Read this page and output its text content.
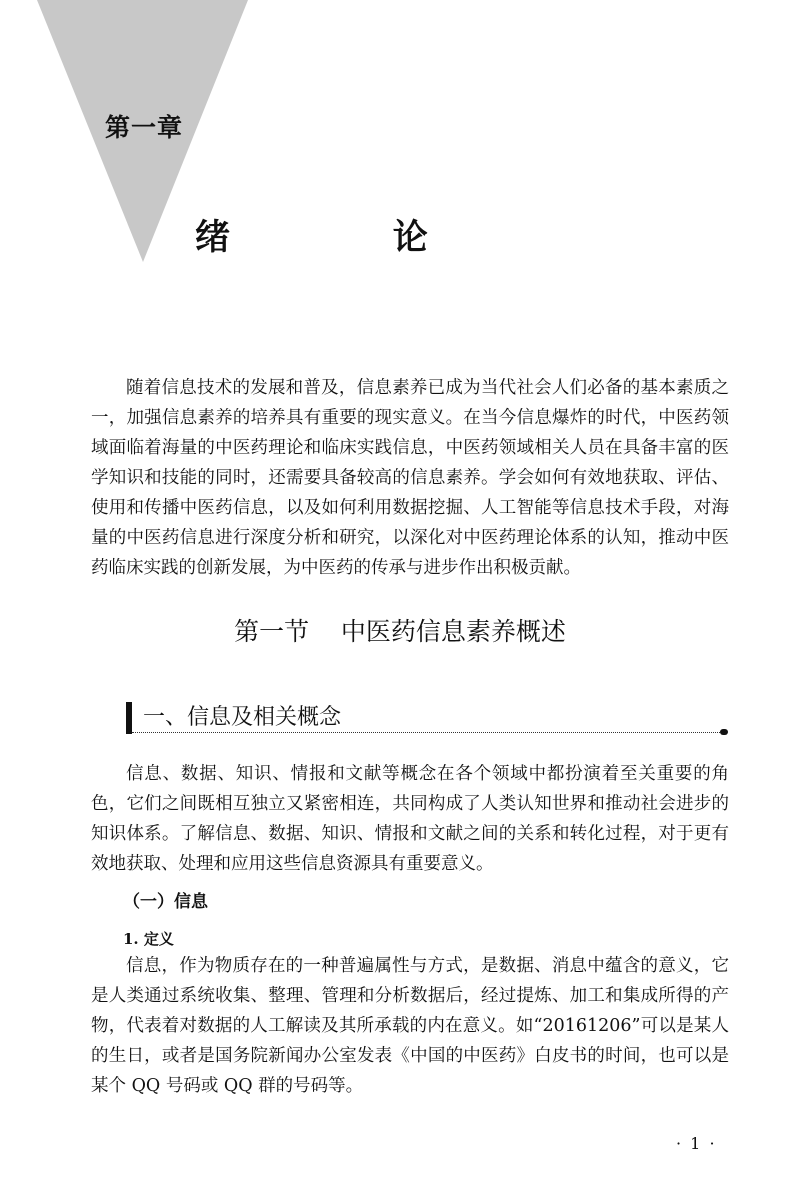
第一章
绪    论

随着信息技术的发展和普及，信息素养已成为当代社会人们必备的基本素质之一，加强信息素养的培养具有重要的现实意义。在当今信息爆炸的时代，中医药领域面临着海量的中医药理论和临床实践信息，中医药领域相关人员在具备丰富的医学知识和技能的同时，还需要具备较高的信息素养。学会如何有效地获取、评估、使用和传播中医药信息，以及如何利用数据挖掘、人工智能等信息技术手段，对海量的中医药信息进行深度分析和研究，以深化对中医药理论体系的认知，推动中医药临床实践的创新发展，为中医药的传承与进步作出积极贡献。

第一节    中医药信息素养概述
一、信息及相关概念

信息、数据、知识、情报和文献等概念在各个领域中都扮演着至关重要的角色，它们之间既相互独立又紧密相连，共同构成了人类认知世界和推动社会进步的知识体系。了解信息、数据、知识、情报和文献之间的关系和转化过程，对于更有效地获取、处理和应用这些信息资源具有重要意义。

（一）信息
1. 定义

信息，作为物质存在的一种普遍属性与方式，是数据、消息中蕴含的意义，它是人类通过系统收集、整理、管理和分析数据后，经过提炼、加工和集成所得的产物，代表着对数据的人工解读及其所承载的内在意义。如“20161206”可以是某人的生日，或者是国务院新闻办公室发表《中国的中医药》白皮书的时间，也可以是某个 QQ 号码或 QQ 群的号码等。

· 1 ·
